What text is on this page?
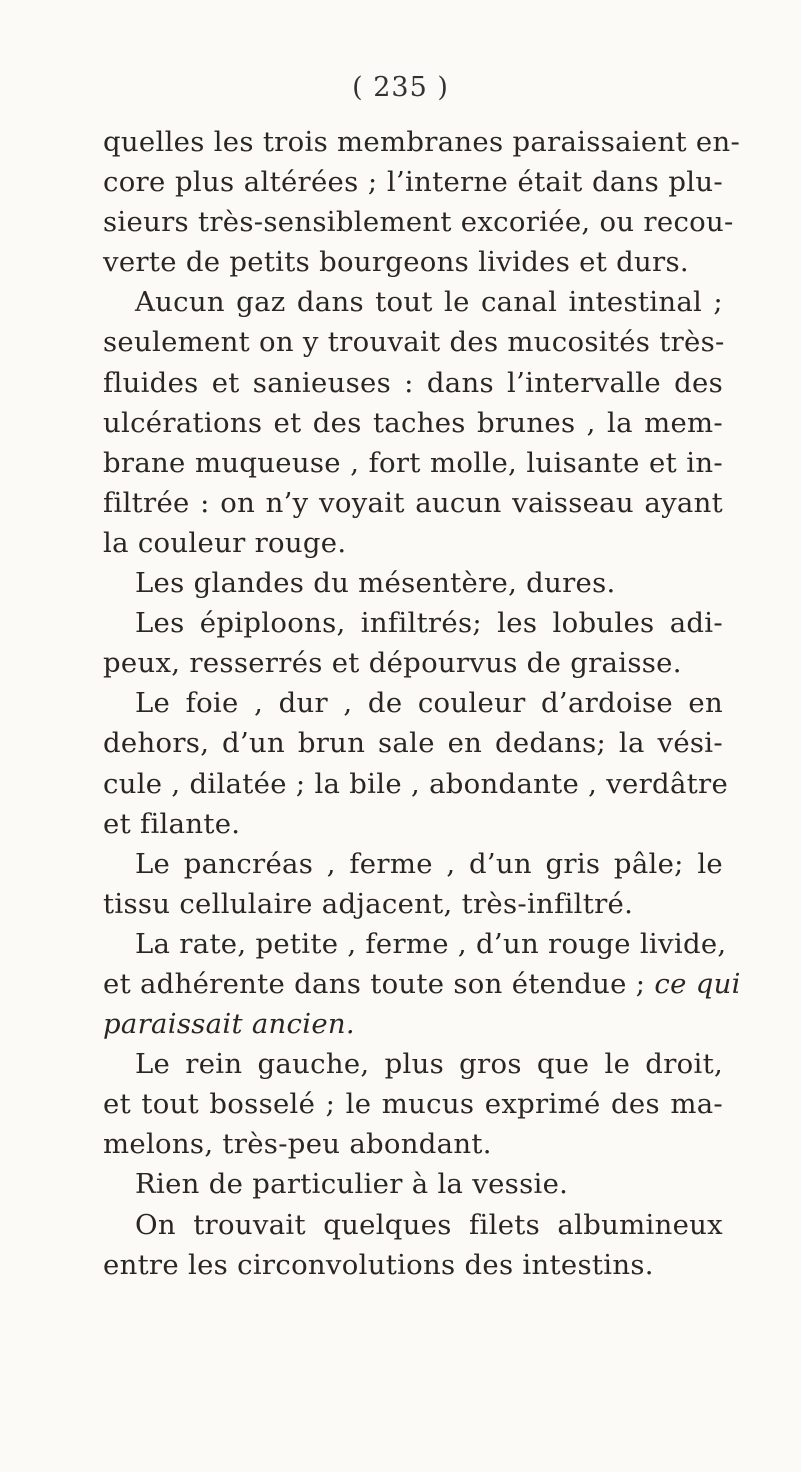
( 235 )
quelles les trois membranes paraissaient en-
core plus altérées ; l’interne était dans plu-
sieurs très-sensiblement excoriée, ou recou-
verte de petits bourgeons livides et durs.
Aucun gaz dans tout le canal intestinal ;
seulement on y trouvait des mucosités très-
fluides et sanieuses : dans l’intervalle des
ulcérations et des taches brunes , la mem-
brane muqueuse , fort molle, luisante et in-
filtrée : on n’y voyait aucun vaisseau ayant
la couleur rouge.
Les glandes du mésentère, dures.
Les épiploons, infiltrés; les lobules adi-
peux, resserrés et dépourvus de graisse.
Le foie , dur , de couleur d’ardoise en
dehors, d’un brun sale en dedans; la vési-
cule , dilatée ; la bile , abondante , verdâtre
et filante.
Le pancréas , ferme , d’un gris pâle; le
tissu cellulaire adjacent, très-infiltré.
La rate, petite , ferme , d’un rouge livide,
et adhérente dans toute son étendue ; ce qui
paraissait ancien.
Le rein gauche, plus gros que le droit,
et tout bosselé ; le mucus exprimé des ma-
melons, très-peu abondant.
Rien de particulier à la vessie.
On trouvait quelques filets albumineux
entre les circonvolutions des intestins.
